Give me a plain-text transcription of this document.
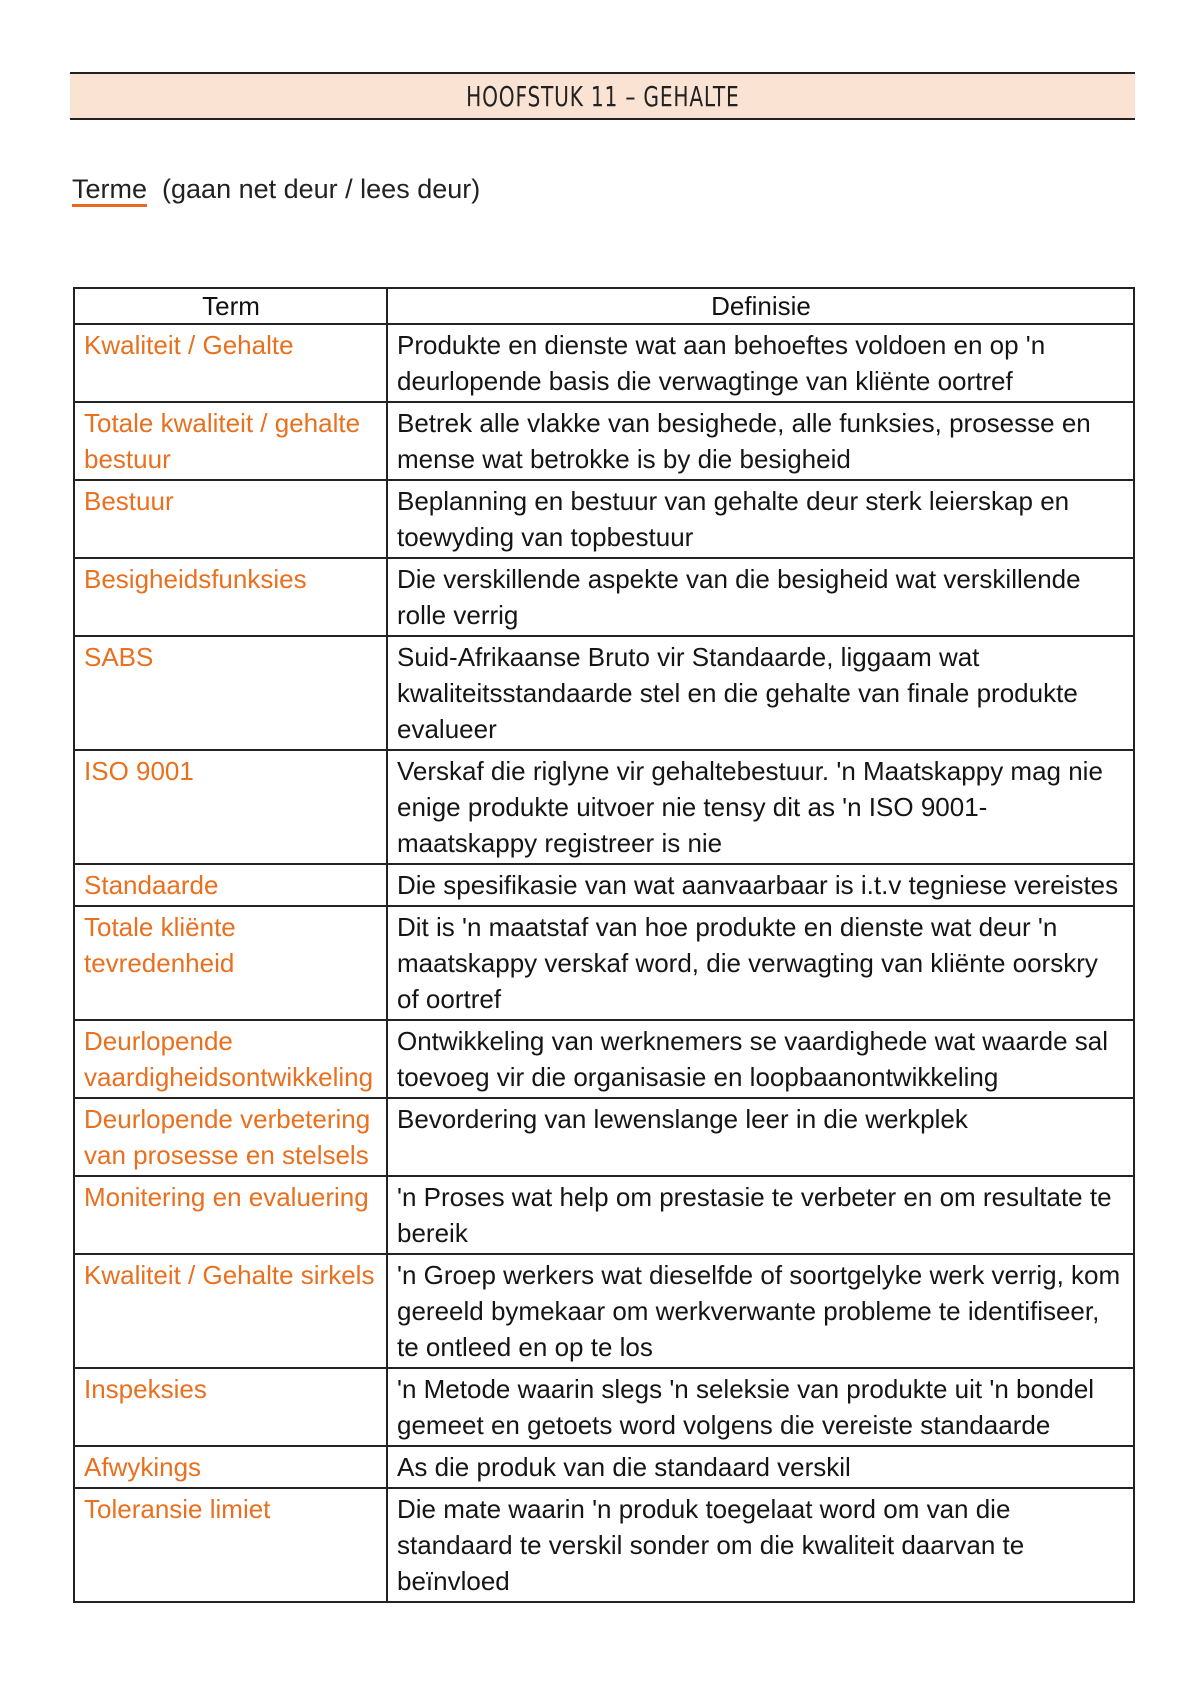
HOOFSTUK 11 – GEHALTE
Terme (gaan net deur / lees deur)
Term	Definisie
Kwaliteit / Gehalte	Produkte en dienste wat aan behoeftes voldoen en op 'n deurlopende basis die verwagtinge van kliënte oortref
Totale kwaliteit / gehalte bestuur	Betrek alle vlakke van besighede, alle funksies, prosesse en mense wat betrokke is by die besigheid
Bestuur	Beplanning en bestuur van gehalte deur sterk leierskap en toewyding van topbestuur
Besigheidsfunksies	Die verskillende aspekte van die besigheid wat verskillende rolle verrig
SABS	Suid-Afrikaanse Bruto vir Standaarde, liggaam wat kwaliteitsstandaarde stel en die gehalte van finale produkte evalueer
ISO 9001	Verskaf die riglyne vir gehaltebestuur. 'n Maatskappy mag nie enige produkte uitvoer nie tensy dit as 'n ISO 9001-maatskappy registreer is nie
Standaarde	Die spesifikasie van wat aanvaarbaar is i.t.v tegniese vereistes
Totale kliënte tevredenheid	Dit is 'n maatstaf van hoe produkte en dienste wat deur 'n maatskappy verskaf word, die verwagting van kliënte oorskry of oortref
Deurlopende vaardigheidsontwikkeling	Ontwikkeling van werknemers se vaardighede wat waarde sal toevoeg vir die organisasie en loopbaanontwikkeling
Deurlopende verbetering van prosesse en stelsels	Bevordering van lewenslange leer in die werkplek
Monitering en evaluering	'n Proses wat help om prestasie te verbeter en om resultate te bereik
Kwaliteit / Gehalte sirkels	'n Groep werkers wat dieselfde of soortgelyke werk verrig, kom gereeld bymekaar om werkverwante probleme te identifiseer, te ontleed en op te los
Inspeksies	'n Metode waarin slegs 'n seleksie van produkte uit 'n bondel gemeet en getoets word volgens die vereiste standaarde
Afwykings	As die produk van die standaard verskil
Toleransie limiet	Die mate waarin 'n produk toegelaat word om van die standaard te verskil sonder om die kwaliteit daarvan te beïnvloed
